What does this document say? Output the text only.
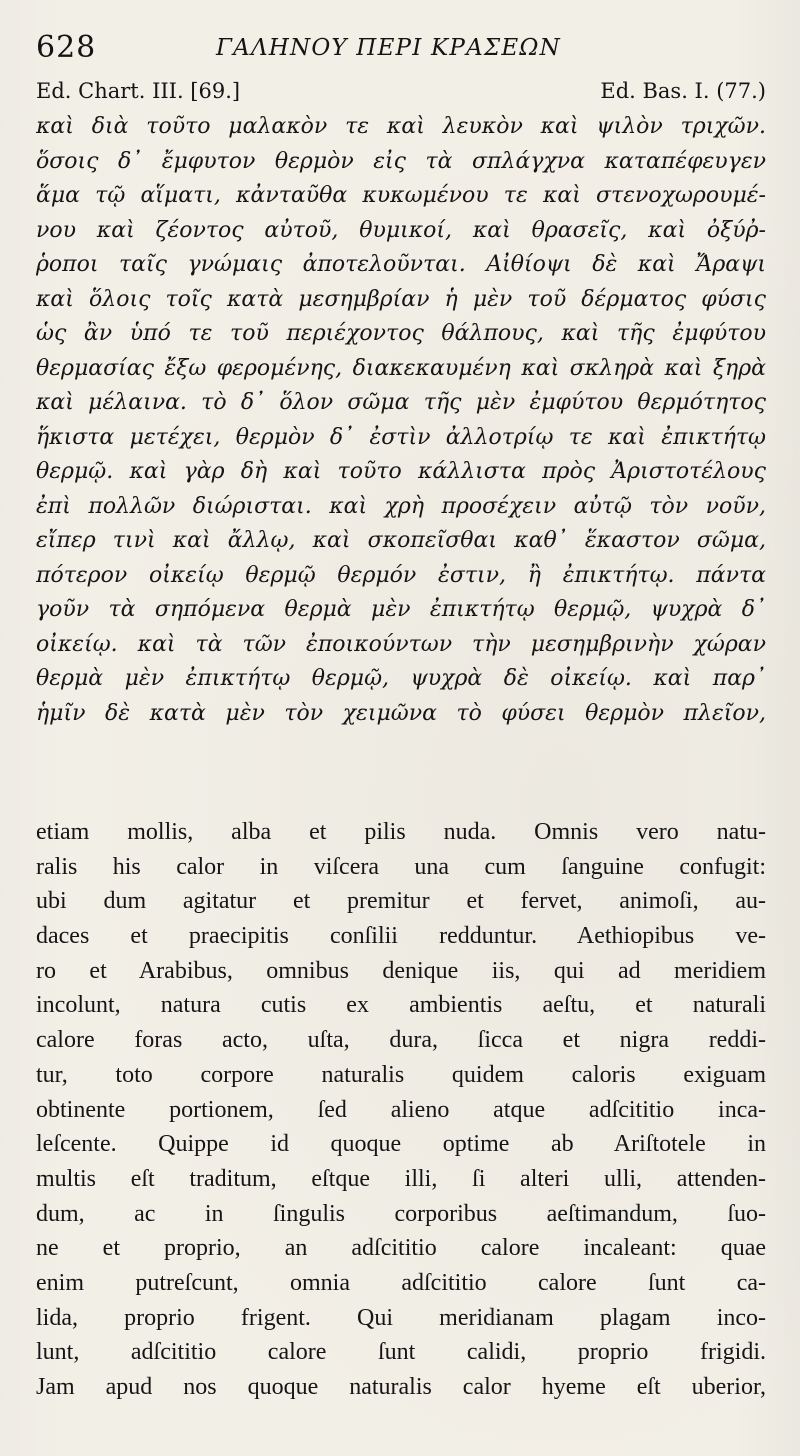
628	ΓΑΛΗΝΟΥ ΠΕΡΙ ΚΡΑΣΕΩΝ
Ed. Chart. III. [69.]	Ed. Bas. I. (77.)
καὶ διὰ τοῦτο μαλακὸν τε καὶ λευκὸν καὶ ψιλὸν τριχῶν.
ὅσοις δ᾽ ἔμφυτον θερμὸν εἰς τὰ σπλάγχνα καταπέφευγεν
ἅμα τῷ αἵματι, κἀνταῦθα κυκωμένου τε καὶ στενοχωρουμέ-
νου καὶ ζέοντος αὐτοῦ, θυμικοί, καὶ θρασεῖς, καὶ ὀξύῤ-
ῥοποι ταῖς γνώμαις ἀποτελοῦνται. Αἰθίοψι δὲ καὶ Ἄραψι
καὶ ὅλοις τοῖς κατὰ μεσημβρίαν ἡ μὲν τοῦ δέρματος φύσις
ὡς ἂν ὑπό τε τοῦ περιέχοντος θάλπους, καὶ τῆς ἐμφύτου
θερμασίας ἔξω φερομένης, διακεκαυμένη καὶ σκληρὰ καὶ ξηρὰ
καὶ μέλαινα. τὸ δ᾽ ὅλον σῶμα τῆς μὲν ἐμφύτου θερμότητος
ἥκιστα μετέχει, θερμὸν δ᾽ ἐστὶν ἀλλοτρίῳ τε καὶ ἐπικτήτῳ
θερμῷ. καὶ γὰρ δὴ καὶ τοῦτο κάλλιστα πρὸς Ἀριστοτέλους
ἐπὶ πολλῶν διώρισται. καὶ χρὴ προσέχειν αὐτῷ τὸν νοῦν,
εἴπερ τινὶ καὶ ἄλλῳ, καὶ σκοπεῖσθαι καθ᾽ ἕκαστον σῶμα,
πότερον οἰκείῳ θερμῷ θερμόν ἐστιν, ἢ ἐπικτήτῳ. πάντα
γοῦν τὰ σηπόμενα θερμὰ μὲν ἐπικτήτῳ θερμῷ, ψυχρὰ δ᾽
οἰκείῳ. καὶ τὰ τῶν ἐποικούντων τὴν μεσημβρινὴν χώραν
θερμὰ μὲν ἐπικτήτῳ θερμῷ, ψυχρὰ δὲ οἰκείῳ. καὶ παρ᾽
ἡμῖν δὲ κατὰ μὲν τὸν χειμῶνα τὸ φύσει θερμὸν πλεῖον,
etiam mollis, alba et pilis nuda. Omnis vero natu-
ralis his calor in viſcera una cum ſanguine confugit:
ubi dum agitatur et premitur et fervet, animoſi, au-
daces et praecipitis conſilii redduntur. Aethiopibus ve-
ro et Arabibus, omnibus denique iis, qui ad meridiem
incolunt, natura cutis ex ambientis aeſtu, et naturali
calore foras acto, uſta, dura, ſicca et nigra reddi-
tur, toto corpore naturalis quidem caloris exiguam
obtinente portionem, ſed alieno atque adſcititio inca-
leſcente. Quippe id quoque optime ab Ariſtotele in
multis eſt traditum, eſtque illi, ſi alteri ulli, attenden-
dum, ac in ſingulis corporibus aeſtimandum, ſuo-
ne et proprio, an adſcititio calore incaleant: quae
enim putreſcunt, omnia adſcititio calore ſunt ca-
lida, proprio frigent. Qui meridianam plagam inco-
lunt, adſcititio calore ſunt calidi, proprio frigidi.
Jam apud nos quoque naturalis calor hyeme eſt uberior,
